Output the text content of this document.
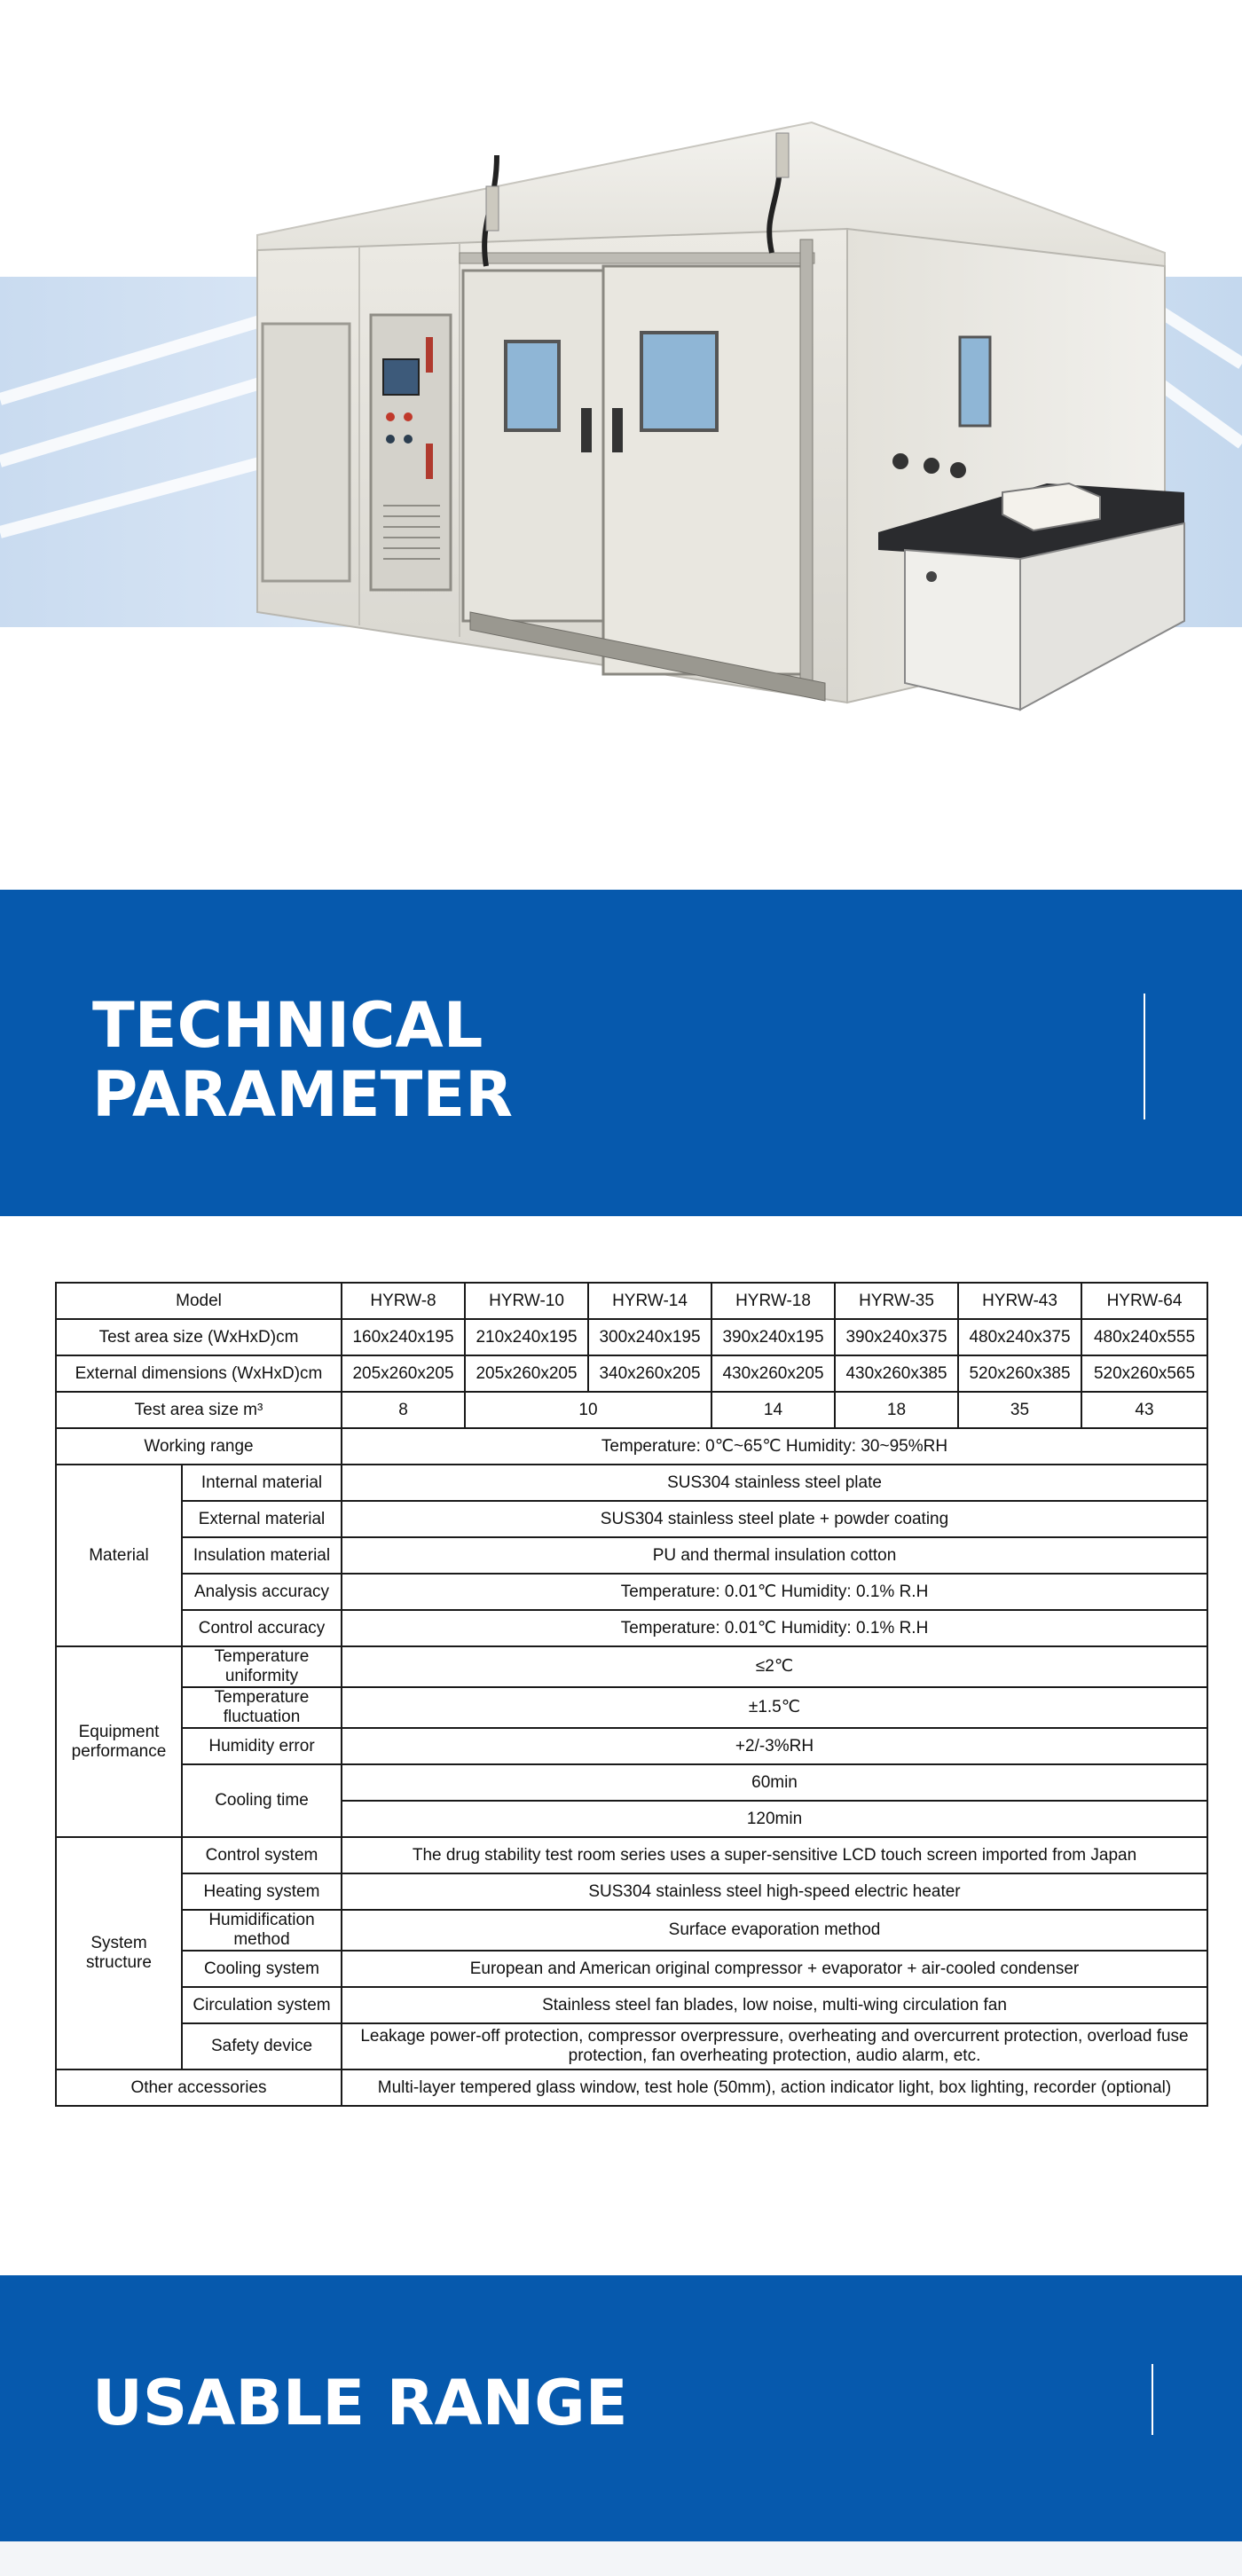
TECHNICAL
PARAMETER
Model		HYRW-8	HYRW-10	HYRW-14	HYRW-18	HYRW-35	HYRW-43	HYRW-64	
Test area size (WxHxD)cm		160x240x195	210x240x195	300x240x195	390x240x195	390x240x375	480x240x375	480x240x555	
External dimensions (WxHxD)cm		205x260x205	205x260x205	340x260x205	430x260x205	430x260x385	520x260x385	520x260x565	
Test area size m³		8	10		14	18	35	43	
Working range		Temperature: 0℃~65℃ Humidity: 30~95%RH							
Material	Internal material	SUS304 stainless steel plate							
	External material	SUS304 stainless steel plate + powder coating							
	Insulation material	PU and thermal insulation cotton							
	Analysis accuracy	Temperature: 0.01℃ Humidity: 0.1% R.H							
	Control accuracy	Temperature: 0.01℃ Humidity: 0.1% R.H							
Equipment performance	Temperature uniformity	≤2℃							
	Temperature fluctuation	±1.5℃							
	Humidity error	+2/-3%RH							
	Cooling time	60min							
		120min							
System structure	Control system	The drug stability test room series uses a super-sensitive LCD touch screen imported from Japan							
	Heating system	SUS304 stainless steel high-speed electric heater							
	Humidification method	Surface evaporation method							
	Cooling system	European and American original compressor + evaporator + air-cooled condenser							
	Circulation system	Stainless steel fan blades, low noise, multi-wing circulation fan							
	Safety device	Leakage power-off protection, compressor overpressure, overheating and overcurrent protection, overload fuse protection, fan overheating protection, audio alarm, etc.							
Other accessories		Multi-layer tempered glass window, test hole (50mm), action indicator light, box lighting, recorder (optional)							
USABLE RANGE
